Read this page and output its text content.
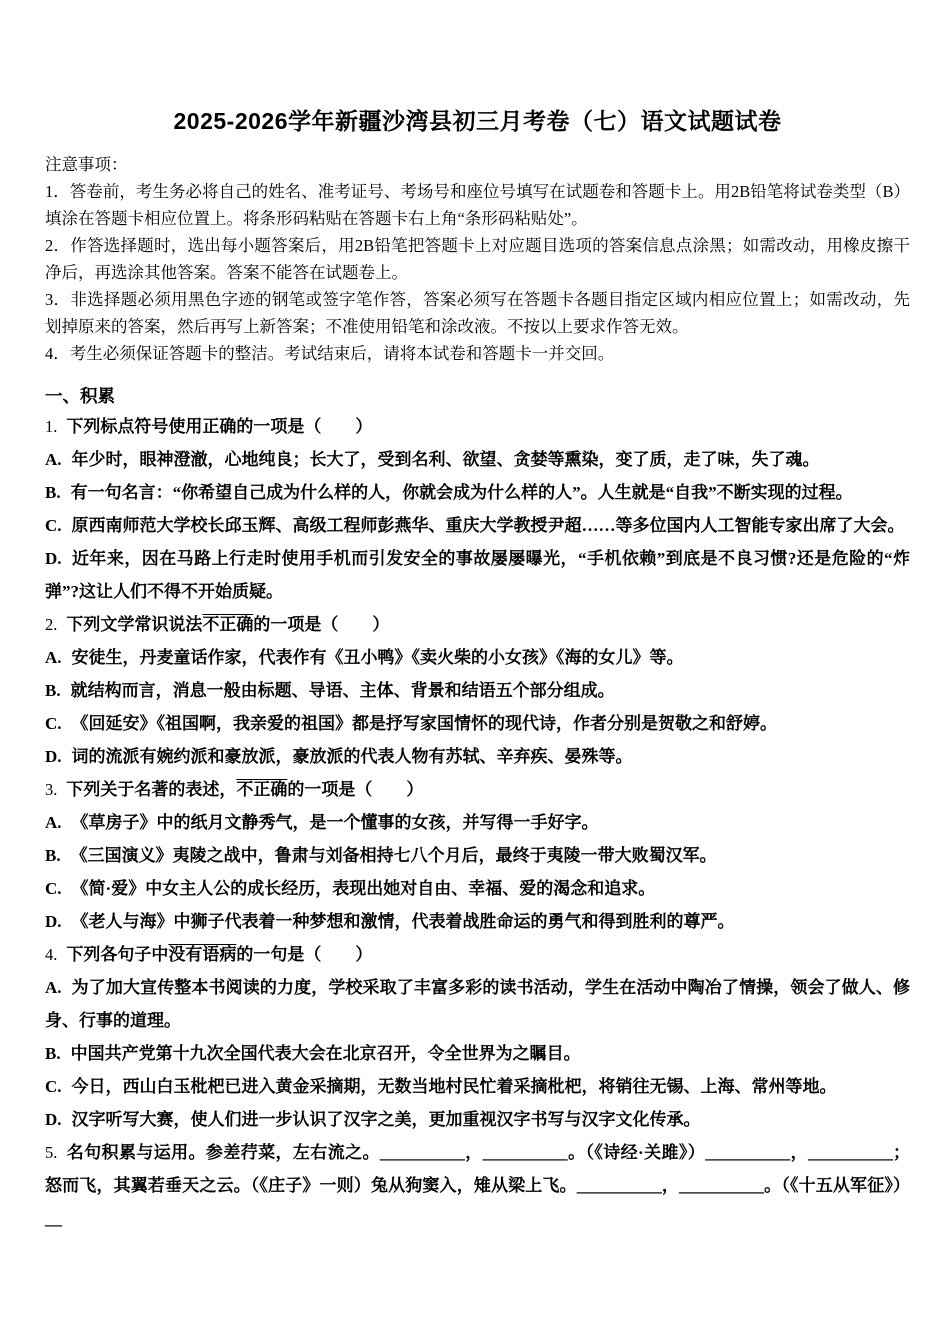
2025-2026学年新疆沙湾县初三月考卷（七）语文试题试卷

注意事项：

1．答卷前，考生务必将自己的姓名、准考证号、考场号和座位号填写在试题卷和答题卡上。用2B铅笔将试卷类型（B）填涂在答题卡相应位置上。将条形码粘贴在答题卡右上角“条形码粘贴处”。

2．作答选择题时，选出每小题答案后，用2B铅笔把答题卡上对应题目选项的答案信息点涂黑；如需改动，用橡皮擦干净后，再选涂其他答案。答案不能答在试题卷上。

3．非选择题必须用黑色字迹的钢笔或签字笔作答，答案必须写在答题卡各题目指定区域内相应位置上；如需改动，先划掉原来的答案，然后再写上新答案；不准使用铅笔和涂改液。不按以上要求作答无效。

4．考生必须保证答题卡的整洁。考试结束后，请将本试卷和答题卡一并交回。

一、积累

1. 下列标点符号使用正确的一项是（　　）

A. 年少时，眼神澄澈，心地纯良；长大了，受到名利、欲望、贪婪等熏染，变了质，走了味，失了魂。

B. 有一句名言：“你希望自己成为什么样的人，你就会成为什么样的人”。人生就是“自我”不断实现的过程。

C. 原西南师范大学校长邱玉辉、高级工程师彭燕华、重庆大学教授尹超……等多位国内人工智能专家出席了大会。

D. 近年来，因在马路上行走时使用手机而引发安全的事故屡屡曝光，“手机依赖”到底是不良习惯?还是危险的“炸弹”?这让人们不得不开始质疑。

2. 下列文学常识说法不正确的一项是（　　）

A. 安徒生，丹麦童话作家，代表作有《丑小鸭》《卖火柴的小女孩》《海的女儿》等。

B. 就结构而言，消息一般由标题、导语、主体、背景和结语五个部分组成。

C. 《回延安》《祖国啊，我亲爱的祖国》都是抒写家国情怀的现代诗，作者分别是贺敬之和舒婷。

D. 词的流派有婉约派和豪放派，豪放派的代表人物有苏轼、辛弃疾、晏殊等。

3. 下列关于名著的表述，不正确的一项是（　　）

A. 《草房子》中的纸月文静秀气，是一个懂事的女孩，并写得一手好字。

B. 《三国演义》夷陵之战中，鲁肃与刘备相持七八个月后，最终于夷陵一带大败蜀汉军。

C. 《简·爱》中女主人公的成长经历，表现出她对自由、幸福、爱的渴念和追求。

D. 《老人与海》中狮子代表着一种梦想和激情，代表着战胜命运的勇气和得到胜利的尊严。

4. 下列各句子中没有语病的一句是（　　）

A. 为了加大宣传整本书阅读的力度，学校采取了丰富多彩的读书活动，学生在活动中陶冶了情操，领会了做人、修身、行事的道理。

B. 中国共产党第十九次全国代表大会在北京召开，令全世界为之瞩目。

C. 今日，西山白玉枇杷已进入黄金采摘期，无数当地村民忙着采摘枇杷，将销往无锡、上海、常州等地。

D. 汉字听写大赛，使人们进一步认识了汉字之美，更加重视汉字书写与汉字文化传承。

5. 名句积累与运用。参差荇菜，左右流之。__________，__________。（《诗经·关雎》）__________，__________；怒而飞，其翼若垂天之云。（《庄子》一则）兔从狗窦入，雉从梁上飞。__________，__________。（《十五从军征》）__
